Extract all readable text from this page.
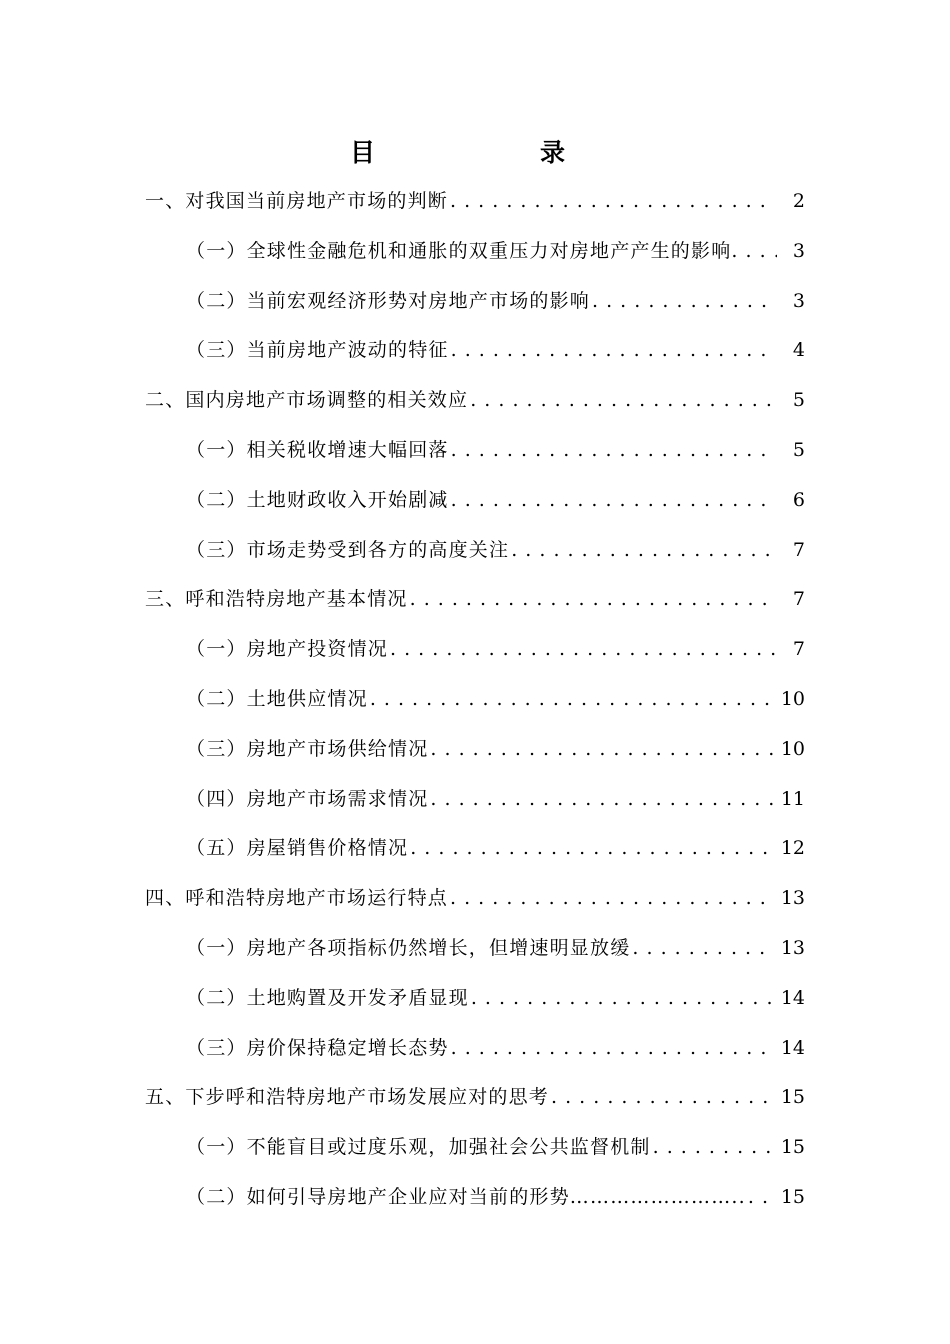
目	录
一、对我国当前房地产市场的判断 . . .	2
（一）全球性金融危机和通胀的双重压力对房地产产生的影响 . . .	3
（二）当前宏观经济形势对房地产市场的影响 . . .	3
（三）当前房地产波动的特征 . . .	4
二、国内房地产市场调整的相关效应 . . .	5
（一）相关税收增速大幅回落 . . .	5
（二）土地财政收入开始剧减 . . .	6
（三）市场走势受到各方的高度关注 . . .	7
三、呼和浩特房地产基本情况 . . .	7
（一）房地产投资情况 . . .	7
（二）土地供应情况 . . .	10
（三）房地产市场供给情况 . . .	10
（四）房地产市场需求情况 . . .	11
（五）房屋销售价格情况 . . .	12
四、呼和浩特房地产市场运行特点 . . .	13
（一）房地产各项指标仍然增长，但增速明显放缓 . . .	13
（二）土地购置及开发矛盾显现 . . .	14
（三）房价保持稳定增长态势 . . .	14
五、下步呼和浩特房地产市场发展应对的思考 . . .	15
（一）不能盲目或过度乐观，加强社会公共监督机制 . . .	15
（二）如何引导房地产企业应对当前的形势…………………….. . . . 15
